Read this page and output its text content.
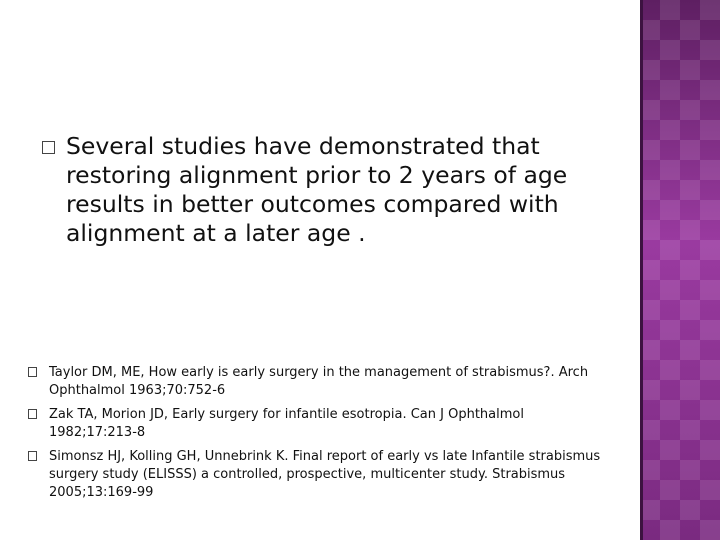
Several studies have demonstrated that restoring alignment prior to 2 years of age results in better outcomes compared with alignment at a later age .
Taylor DM, ME, How early is early surgery in the management of strabismus?. Arch Ophthalmol 1963;70:752-6
Zak TA, Morion JD, Early surgery for infantile esotropia. Can J Ophthalmol 1982;17:213-8
Simonsz HJ, Kolling GH, Unnebrink K. Final report of early vs late Infantile strabismus surgery study (ELISSS) a controlled, prospective, multicenter study. Strabismus 2005;13:169-99
